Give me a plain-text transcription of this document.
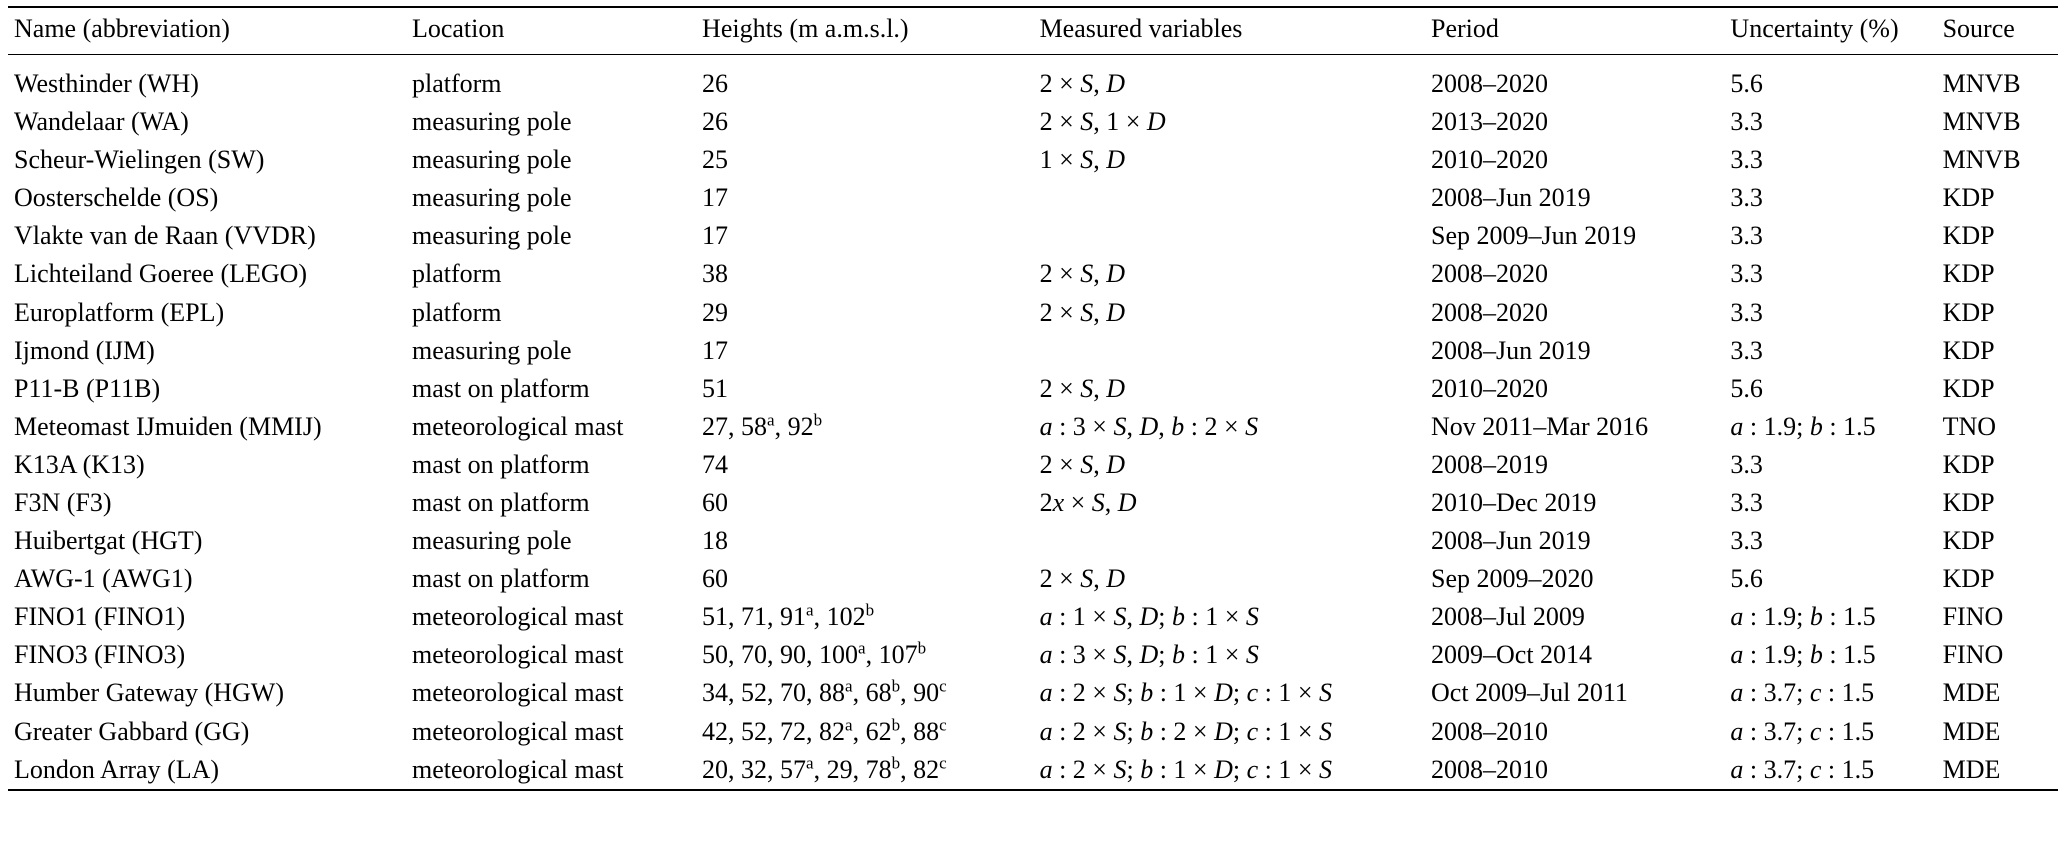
Name (abbreviation)	Location	Heights (m a.m.s.l.)	Measured variables	Period	Uncertainty (%)	Source
Westhinder (WH)	platform	26	2 × S, D	2008–2020	5.6	MNVB
Wandelaar (WA)	measuring pole	26	2 × S, 1 × D	2013–2020	3.3	MNVB
Scheur-Wielingen (SW)	measuring pole	25	1 × S, D	2010–2020	3.3	MNVB
Oosterschelde (OS)	measuring pole	17		2008–Jun 2019	3.3	KDP
Vlakte van de Raan (VVDR)	measuring pole	17		Sep 2009–Jun 2019	3.3	KDP
Lichteiland Goeree (LEGO)	platform	38	2 × S, D	2008–2020	3.3	KDP
Europlatform (EPL)	platform	29	2 × S, D	2008–2020	3.3	KDP
Ijmond (IJM)	measuring pole	17		2008–Jun 2019	3.3	KDP
P11-B (P11B)	mast on platform	51	2 × S, D	2010–2020	5.6	KDP
Meteomast IJmuiden (MMIJ)	meteorological mast	27, 58$^a$, 92$^b$	a : 3 × S, D, b : 2 × S	Nov 2011–Mar 2016	a : 1.9; b : 1.5	TNO
K13A (K13)	mast on platform	74	2 × S, D	2008–2019	3.3	KDP
F3N (F3)	mast on platform	60	2x × S, D	2010–Dec 2019	3.3	KDP
Huibertgat (HGT)	measuring pole	18		2008–Jun 2019	3.3	KDP
AWG-1 (AWG1)	mast on platform	60	2 × S, D	Sep 2009–2020	5.6	KDP
FINO1 (FINO1)	meteorological mast	51, 71, 91$^a$, 102$^b$	a : 1 × S, D; b : 1 × S	2008–Jul 2009	a : 1.9; b : 1.5	FINO
FINO3 (FINO3)	meteorological mast	50, 70, 90, 100$^a$, 107$^b$	a : 3 × S, D; b : 1 × S	2009–Oct 2014	a : 1.9; b : 1.5	FINO
Humber Gateway (HGW)	meteorological mast	34, 52, 70, 88$^a$, 68$^b$, 90$^c$	a : 2 × S; b : 1 × D; c : 1 × S	Oct 2009–Jul 2011	a : 3.7; c : 1.5	MDE
Greater Gabbard (GG)	meteorological mast	42, 52, 72, 82$^a$, 62$^b$, 88$^c$	a : 2 × S; b : 2 × D; c : 1 × S	2008–2010	a : 3.7; c : 1.5	MDE
London Array (LA)	meteorological mast	20, 32, 57$^a$, 29, 78$^b$, 82$^c$	a : 2 × S; b : 1 × D; c : 1 × S	2008–2010	a : 3.7; c : 1.5	MDE
